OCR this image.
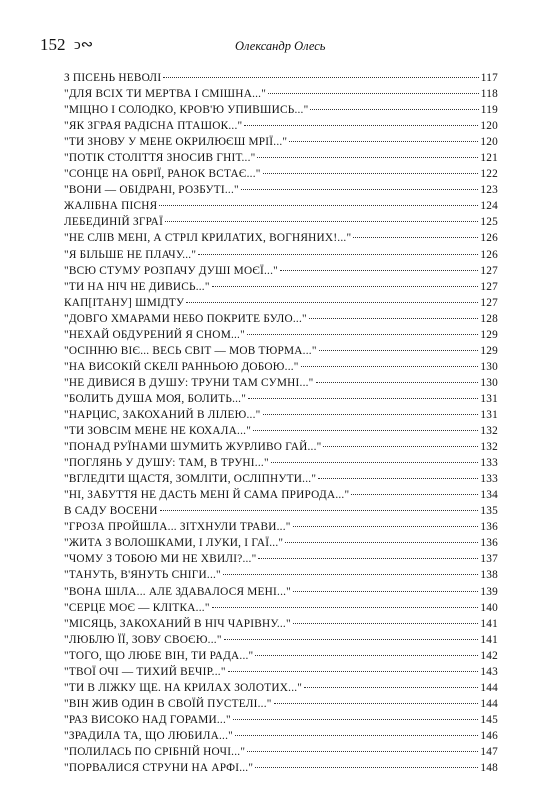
152 ↄ∾	Олександр Олесь
З ПІСЕНЬ НЕВОЛІ	117
"ДЛЯ ВСІХ ТИ МЕРТВА І СМІШНА..."	118
"МІЦНО І СОЛОДКО, КРОВ'Ю УПИВШИСЬ..."	119
"ЯК ЗГРАЯ РАДІСНА ПТАШОК..."	120
"ТИ ЗНОВУ У МЕНЕ ОКРИЛЮЄШ МРІЇ..."	120
"ПОТІК СТОЛІТТЯ ЗНОСИВ ГНІТ..."	121
"СОНЦЕ НА ОБРІЇ, РАНОК ВСТАЄ..."	122
"ВОНИ — ОБІДРАНІ, РОЗБУТІ..."	123
ЖАЛІБНА ПІСНЯ	124
ЛЕБЕДИНІЙ ЗГРАЇ	125
"НЕ СЛІВ МЕНІ, А СТРІЛ КРИЛАТИХ, ВОГНЯНИХ!..."	126
"Я БІЛЬШЕ НЕ ПЛАЧУ..."	126
"ВСЮ СТУМУ РОЗПАЧУ ДУШІ МОЄЇ..."	127
"ТИ НА НІЧ НЕ ДИВИСЬ..."	127
КАП[ІТАНУ] ШМІДТУ	127
"ДОВГО ХМАРАМИ НЕБО ПОКРИТЕ БУЛО..."	128
"НЕХАЙ ОБДУРЕНИЙ Я СНОМ..."	129
"ОСІННЮ ВІЄ... ВЕСЬ СВІТ — МОВ ТЮРМА..."	129
"НА ВИСОКІЙ СКЕЛІ РАННЬОЮ ДОБОЮ..."	130
"НЕ ДИВИСЯ В ДУШУ: ТРУНИ ТАМ СУМНІ..."	130
"БОЛИТЬ ДУША МОЯ, БОЛИТЬ..."	131
"НАРЦИС, ЗАКОХАНИЙ В ЛІЛЕЮ..."	131
"ТИ ЗОВСІМ МЕНЕ НЕ КОХАЛА..."	132
"ПОНАД РУЇНАМИ ШУМИТЬ ЖУРЛИВО ГАЙ..."	132
"ПОГЛЯНЬ У ДУШУ: ТАМ, В ТРУНІ..."	133
"ВГЛЕДІТИ ЩАСТЯ, ЗОМЛІТИ, ОСЛІПНУТИ..."	133
"НІ, ЗАБУТТЯ НЕ ДАСТЬ МЕНІ Й САМА ПРИРОДА..."	134
В САДУ ВОСЕНИ	135
"ГРОЗА ПРОЙШЛА... ЗІТХНУЛИ ТРАВИ..."	136
"ЖИТА З ВОЛОШКАМИ, І ЛУКИ, І ГАЇ..."	136
"ЧОМУ З ТОБОЮ МИ НЕ ХВИЛІ?..."	137
"ТАНУТЬ, В'ЯНУТЬ СНІГИ..."	138
"ВОНА ШІЛА... АЛЕ ЗДАВАЛОСЯ МЕНІ..."	139
"СЕРЦЕ МОЄ — КЛІТКА..."	140
"МІСЯЦЬ, ЗАКОХАНИЙ В НІЧ ЧАРІВНУ..."	141
"ЛЮБЛЮ ЇЇ, ЗОВУ СВОЄЮ..."	141
"ТОГО, ЩО ЛЮБЕ ВІН, ТИ РАДА..."	142
"ТВОЇ ОЧІ — ТИХИЙ ВЕЧІР..."	143
"ТИ В ЛІЖКУ ЩЕ. НА КРИЛАХ ЗОЛОТИХ..."	144
"ВІН ЖИВ ОДИН В СВОЇЙ ПУСТЕЛІ..."	144
"РАЗ ВИСОКО НАД ГОРАМИ..."	145
"ЗРАДИЛА ТА, ЩО ЛЮБИЛА..."	146
"ПОЛИЛАСЬ ПО СРІБНІЙ НОЧІ..."	147
"ПОРВАЛИСЯ СТРУНИ НА АРФІ..."	148
